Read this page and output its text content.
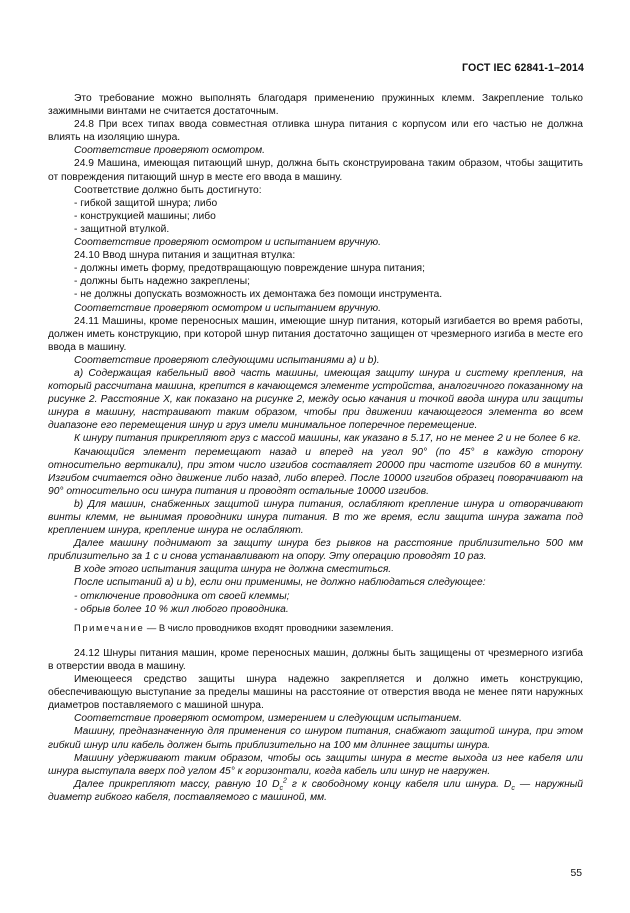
ГОСТ IEC 62841-1–2014

Это требование можно выполнять благодаря применению пружинных клемм. Закрепление только зажимными винтами не считается достаточным.

24.8 При всех типах ввода совместная отливка шнура питания с корпусом или его частью не должна влиять на изоляцию шнура.

Соответствие проверяют осмотром.

24.9 Машина, имеющая питающий шнур, должна быть сконструирована таким образом, чтобы защитить от повреждения питающий шнур в месте его ввода в машину.

Соответствие должно быть достигнуто:

- гибкой защитой шнура; либо

- конструкцией машины; либо

- защитной втулкой.

Соответствие проверяют осмотром и испытанием вручную.

24.10 Ввод шнура питания и защитная втулка:

- должны иметь форму, предотвращающую повреждение шнура питания;

- должны быть надежно закреплены;

- не должны допускать возможность их демонтажа без помощи инструмента.

Соответствие проверяют осмотром и испытанием вручную.

24.11 Машины, кроме переносных машин, имеющие шнур питания, который изгибается во время работы, должен иметь конструкцию, при которой шнур питания достаточно защищен от чрезмерного изгиба в месте его ввода в машину.

Соответствие проверяют следующими испытаниями a) и b).

а) Содержащая кабельный ввод часть машины, имеющая защиту шнура и систему крепления, на который рассчитана машина, крепится в качающемся элементе устройства, аналогичного показанному на рисунке 2. Расстояние X, как показано на рисунке 2, между осью качания и точкой ввода шнура или защиты шнура в машину, настраивают таким образом, чтобы при движении качающегося элемента во всем диапазоне его перемещения шнур и груз имели минимальное поперечное перемещение.

К шнуру питания прикрепляют груз с массой машины, как указано в 5.17, но не менее 2 и не более 6 кг.

Качающийся элемент перемещают назад и вперед на угол 90° (по 45° в каждую сторону относительно вертикали), при этом число изгибов составляет 20000 при частоте изгибов 60 в минуту. Изгибом считается одно движение либо назад, либо вперед. После 10000 изгибов образец поворачивают на 90° относительно оси шнура питания и проводят остальные 10000 изгибов.

b) Для машин, снабженных защитой шнура питания, ослабляют крепление шнура и отворачивают винты клемм, не вынимая проводники шнура питания. В то же время, если защита шнура зажата под креплением шнура, крепление шнура не ослабляют.

Далее машину поднимают за защиту шнура без рывков на расстояние приблизительно 500 мм приблизительно за 1 с и снова устанавливают на опору. Эту операцию проводят 10 раз.

В ходе этого испытания защита шнура не должна сместиться.

После испытаний а) и b), если они применимы, не должно наблюдаться следующее:

- отключение проводника от своей клеммы;

- обрыв более 10 % жил любого проводника.

Примечание — В число проводников входят проводники заземления.

24.12 Шнуры питания машин, кроме переносных машин, должны быть защищены от чрезмерного изгиба в отверстии ввода в машину.

Имеющееся средство защиты шнура надежно закрепляется и должно иметь конструкцию, обеспечивающую выступание за пределы машины на расстояние от отверстия ввода не менее пяти наружных диаметров поставляемого с машиной шнура.

Соответствие проверяют осмотром, измерением и следующим испытанием.

Машину, предназначенную для применения со шнуром питания, снабжают защитой шнура, при этом гибкий шнур или кабель должен быть приблизительно на 100 мм длиннее защиты шнура.

Машину удерживают таким образом, чтобы ось защиты шнура в месте выхода из нее кабеля или шнура выступала вверх под углом 45° к горизонтали, когда кабель или шнур не нагружен.

Далее прикрепляют массу, равную 10 $D_c^2$ г к свободному концу кабеля или шнура. $D_c$ — наружный диаметр гибкого кабеля, поставляемого с машиной, мм.

55
